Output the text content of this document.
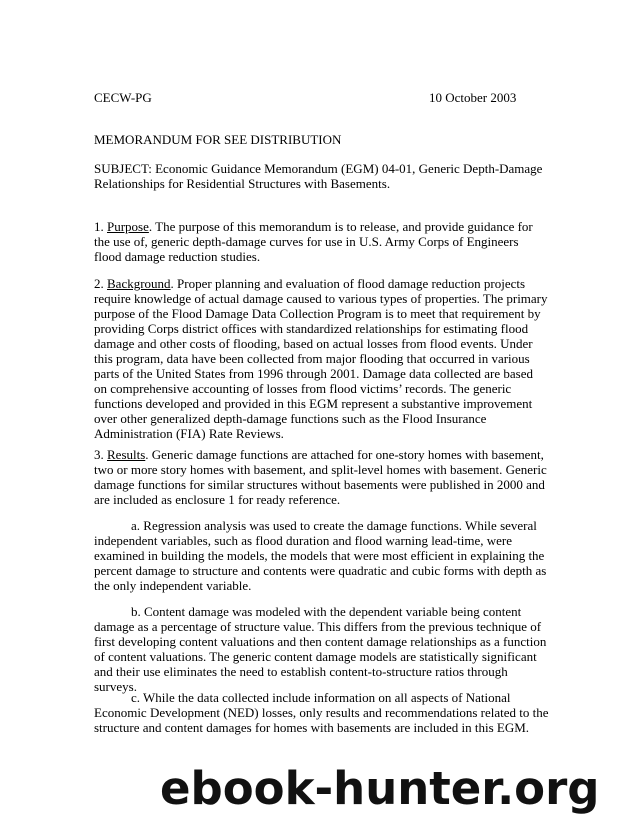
CECW-PG	10 October 2003

MEMORANDUM FOR SEE DISTRIBUTION

SUBJECT: Economic Guidance Memorandum (EGM) 04-01, Generic Depth-Damage Relationships for Residential Structures with Basements.

1. Purpose. The purpose of this memorandum is to release, and provide guidance for the use of, generic depth-damage curves for use in U.S. Army Corps of Engineers flood damage reduction studies.

2. Background. Proper planning and evaluation of flood damage reduction projects require knowledge of actual damage caused to various types of properties. The primary purpose of the Flood Damage Data Collection Program is to meet that requirement by providing Corps district offices with standardized relationships for estimating flood damage and other costs of flooding, based on actual losses from flood events. Under this program, data have been collected from major flooding that occurred in various parts of the United States from 1996 through 2001. Damage data collected are based on comprehensive accounting of losses from flood victims’ records. The generic functions developed and provided in this EGM represent a substantive improvement over other generalized depth-damage functions such as the Flood Insurance Administration (FIA) Rate Reviews.

3. Results. Generic damage functions are attached for one-story homes with basement, two or more story homes with basement, and split-level homes with basement. Generic damage functions for similar structures without basements were published in 2000 and are included as enclosure 1 for ready reference.

a. Regression analysis was used to create the damage functions. While several independent variables, such as flood duration and flood warning lead-time, were examined in building the models, the models that were most efficient in explaining the percent damage to structure and contents were quadratic and cubic forms with depth as the only independent variable.

b. Content damage was modeled with the dependent variable being content damage as a percentage of structure value. This differs from the previous technique of first developing content valuations and then content damage relationships as a function of content valuations. The generic content damage models are statistically significant and their use eliminates the need to establish content-to-structure ratios through surveys.

c. While the data collected include information on all aspects of National Economic Development (NED) losses, only results and recommendations related to the structure and content damages for homes with basements are included in this EGM.

ebook-hunter.org
